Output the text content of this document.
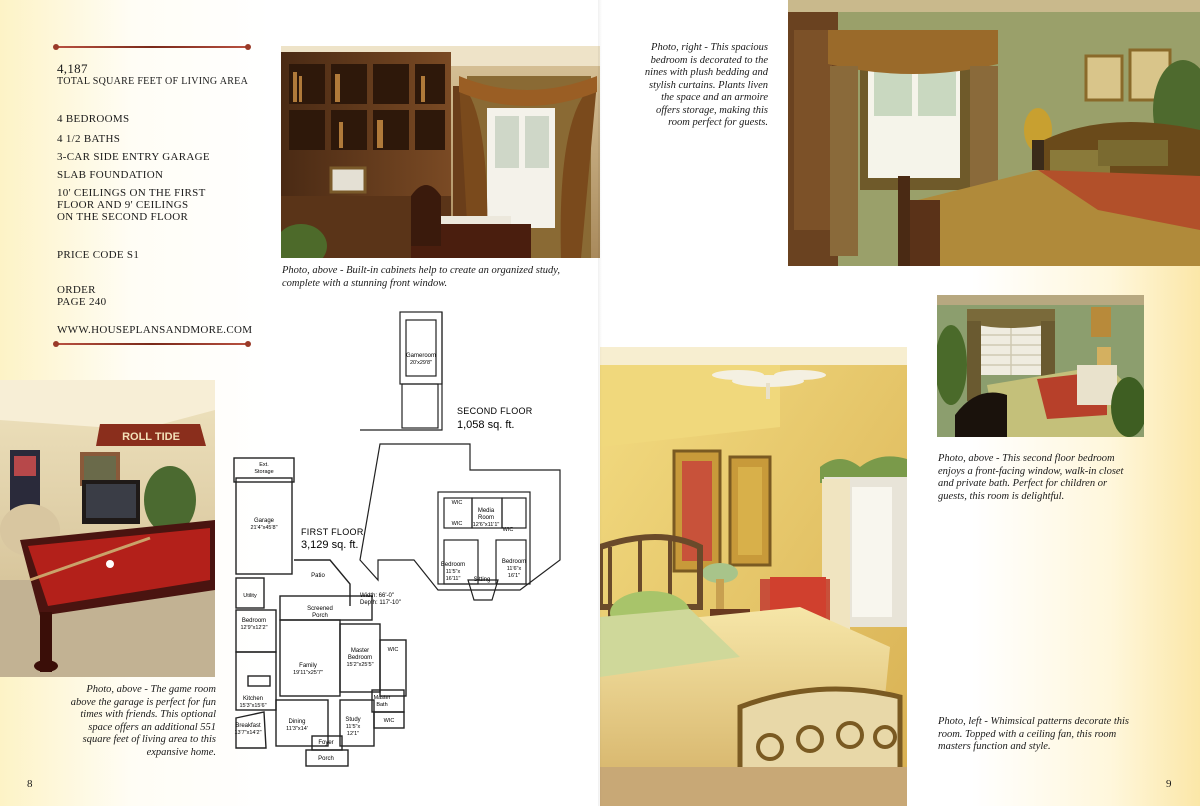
4,187
TOTAL SQUARE FEET OF LIVING AREA
4 BEDROOMS
4 1/2 BATHS
3-CAR SIDE ENTRY GARAGE
SLAB FOUNDATION
10' CEILINGS ON THE FIRST
FLOOR AND 9' CEILINGS
ON THE SECOND FLOOR
PRICE CODE S1
ORDER
PAGE 240
WWW.HOUSEPLANSANDMORE.COM
Photo, above - Built-in cabinets help to create an organized study, complete with a stunning front window.
ROLL TIDE
Photo, above - The game room above the garage is perfect for fun times with friends. This optional space offers an additional 551 square feet of living area to this expansive home.
8
Gameroom
20'x29'8"
SECOND FLOOR
1,058 sq. ft.
FIRST FLOOR
3,129 sq. ft.
Width: 66'-0"
Depth: 117'-10"
Ext.
Storage
Garage
21'4"x45'8"
Patio
Screened
Porch
Utility
Bedroom
12'9"x12'2"
Family
19'11"x25'7"
Master
Bedroom
15'2"x25'5"
WIC
Kitchen
15'3"x15'6"
Breakfast
13'7"x14'2"
Dining
11'3"x14'
Study
11'5"x
12'1"
Master
Bath
WIC
Foyer
Porch
WIC
WIC
WIC
Media
Room
12'6"x11'1"
Bedroom
11'5"x
16'11" Sitting
Bedroom
11'6"x
16'1"
Photo, right - This spacious bedroom is decorated to the nines with plush bedding and stylish curtains. Plants liven the space and an armoire offers storage, making this room perfect for guests.
Photo, above - This second floor bedroom enjoys a front-facing window, walk-in closet and private bath. Perfect for children or guests, this room is delightful.
Photo, left - Whimsical patterns decorate this room. Topped with a ceiling fan, this room masters function and style.
9
